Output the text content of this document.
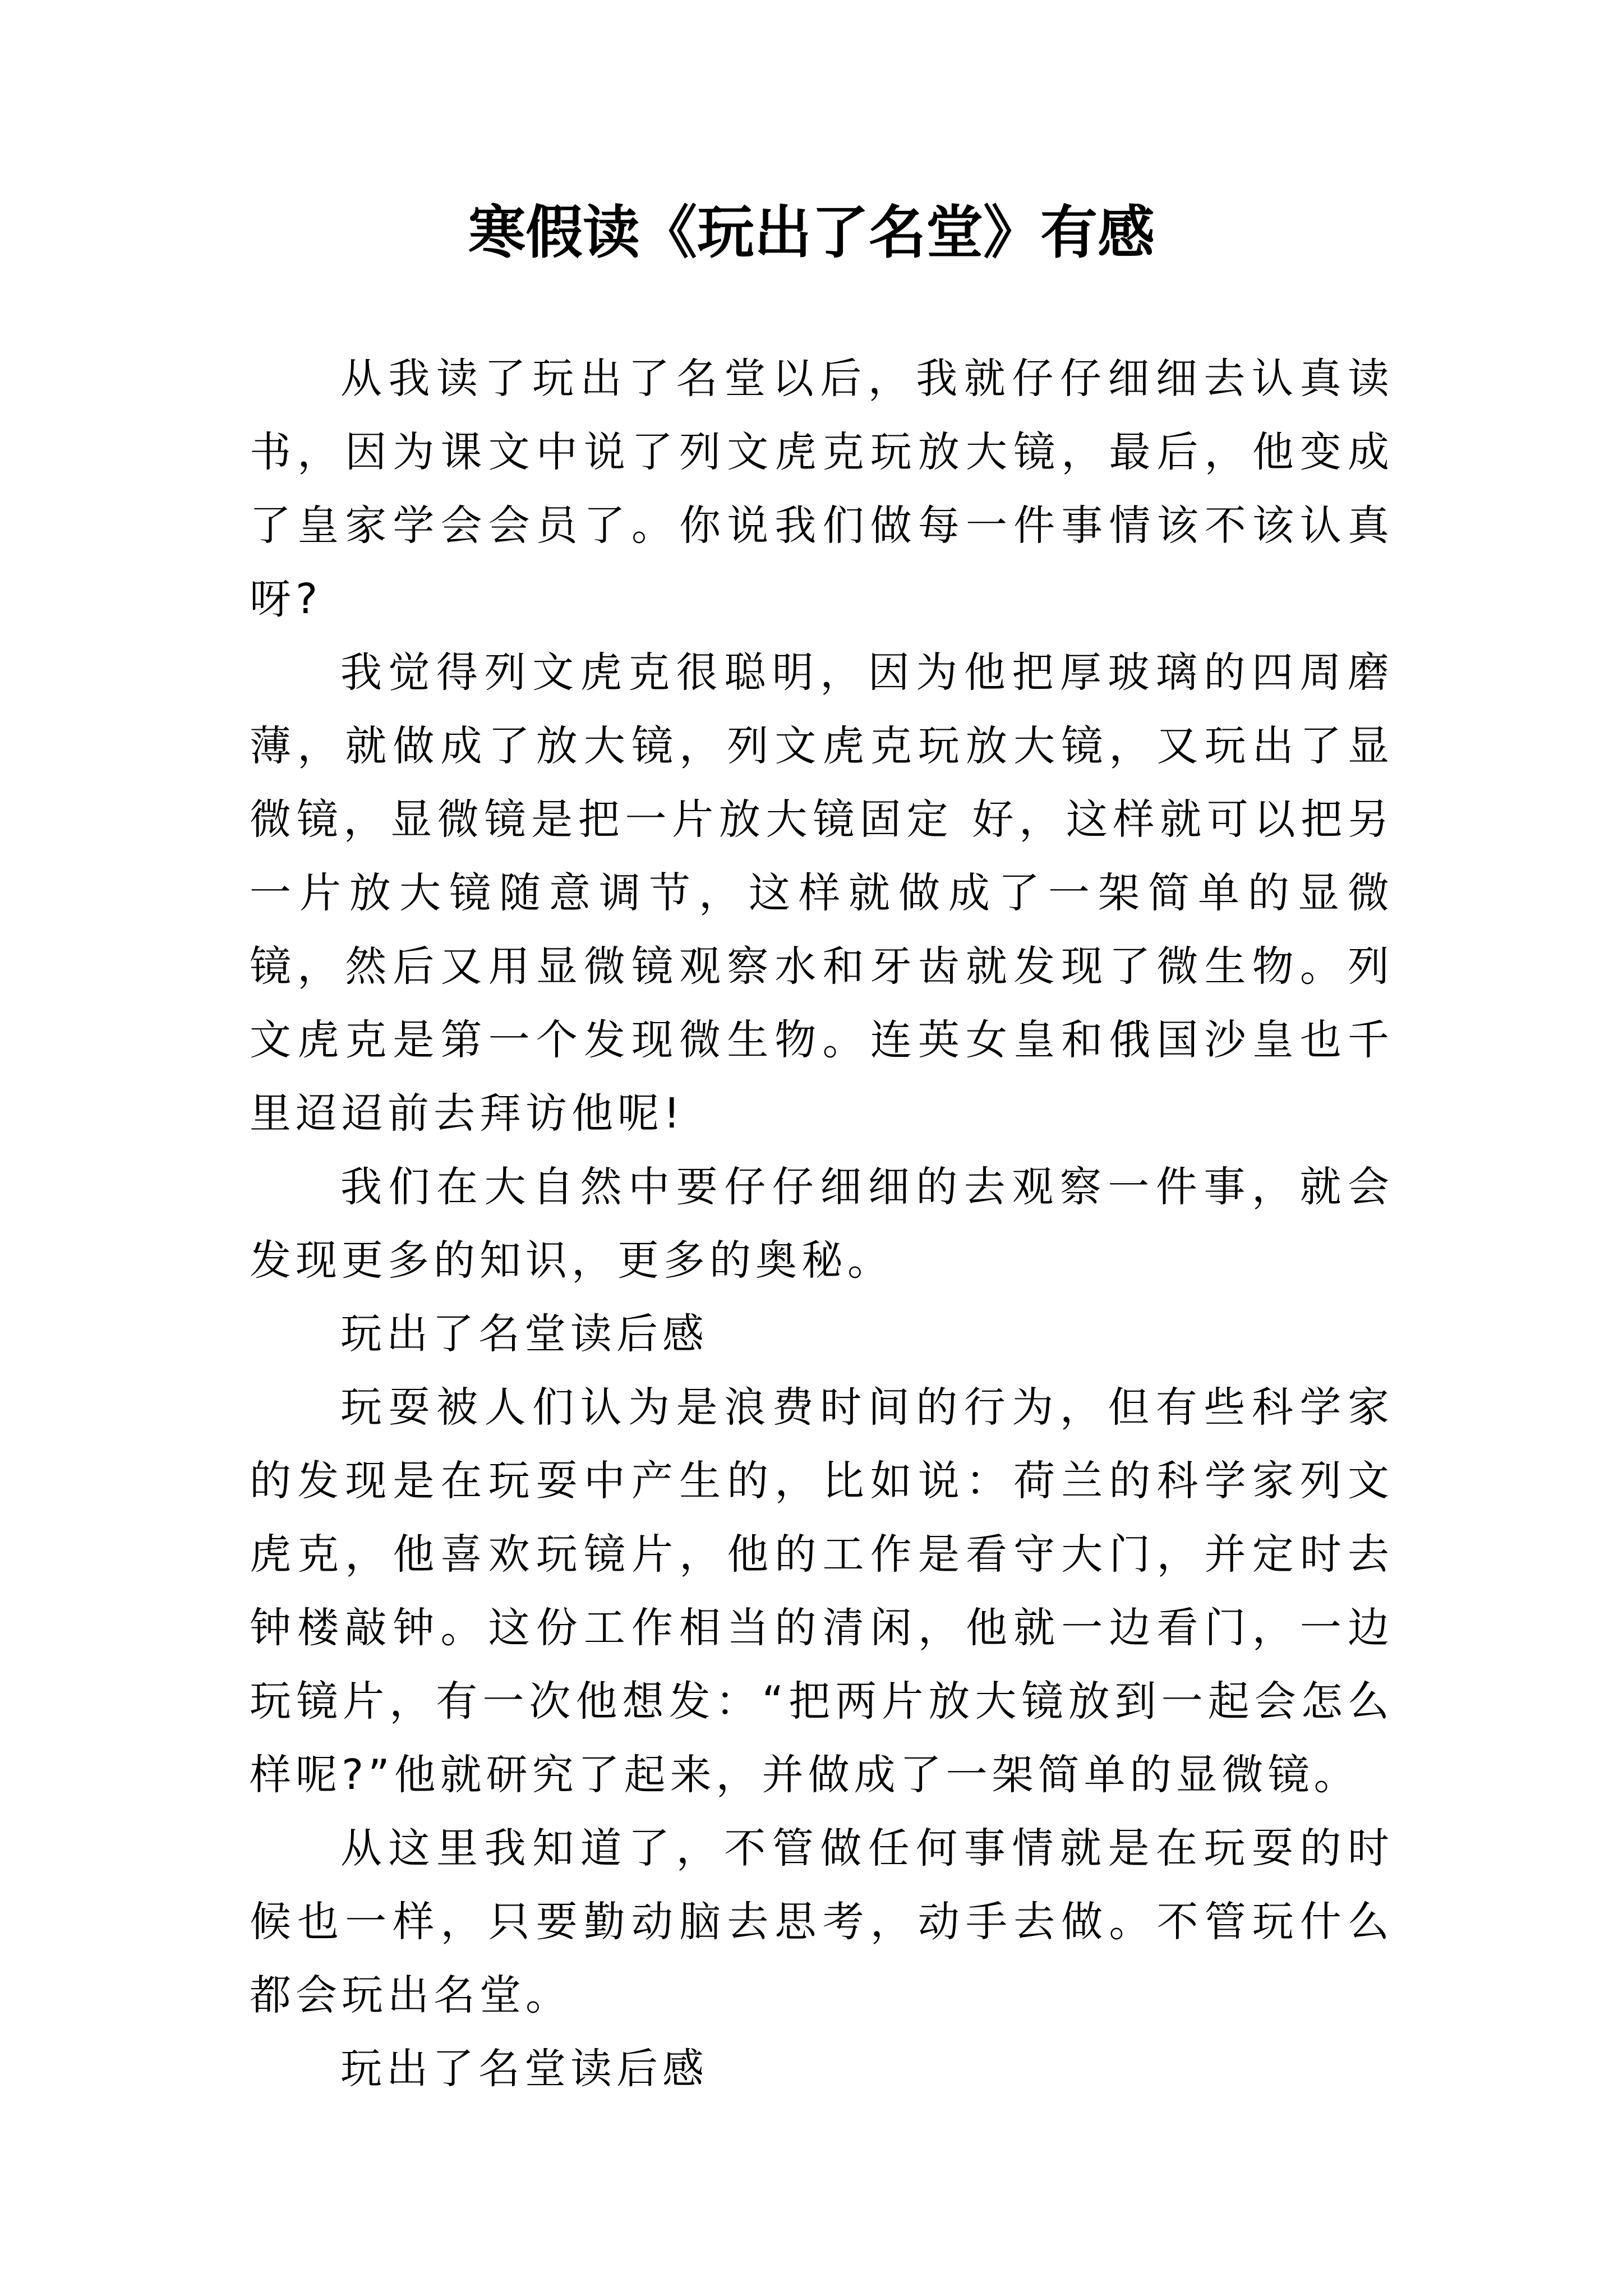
寒假读《玩出了名堂》有感

从我读了玩出了名堂以后，我就仔仔细细去认真读书，因为课文中说了列文虎克玩放大镜，最后，他变成了皇家学会会员了。你说我们做每一件事情该不该认真呀?

我觉得列文虎克很聪明，因为他把厚玻璃的四周磨薄，就做成了放大镜，列文虎克玩放大镜，又玩出了显微镜，显微镜是把一片放大镜固定 好，这样就可以把另一片放大镜随意调节，这样就做成了一架简单的显微镜，然后又用显微镜观察水和牙齿就发现了微生物。列文虎克是第一个发现微生物。连英女皇和俄国沙皇也千里迢迢前去拜访他呢!

我们在大自然中要仔仔细细的去观察一件事，就会发现更多的知识，更多的奥秘。

玩出了名堂读后感

玩耍被人们认为是浪费时间的行为，但有些科学家的发现是在玩耍中产生的，比如说：荷兰的科学家列文虎克，他喜欢玩镜片，他的工作是看守大门，并定时去钟楼敲钟。这份工作相当的清闲，他就一边看门，一边玩镜片，有一次他想发：“把两片放大镜放到一起会怎么样呢?”他就研究了起来，并做成了一架简单的显微镜。

从这里我知道了，不管做任何事情就是在玩耍的时候也一样，只要勤动脑去思考，动手去做。不管玩什么都会玩出名堂。

玩出了名堂读后感
